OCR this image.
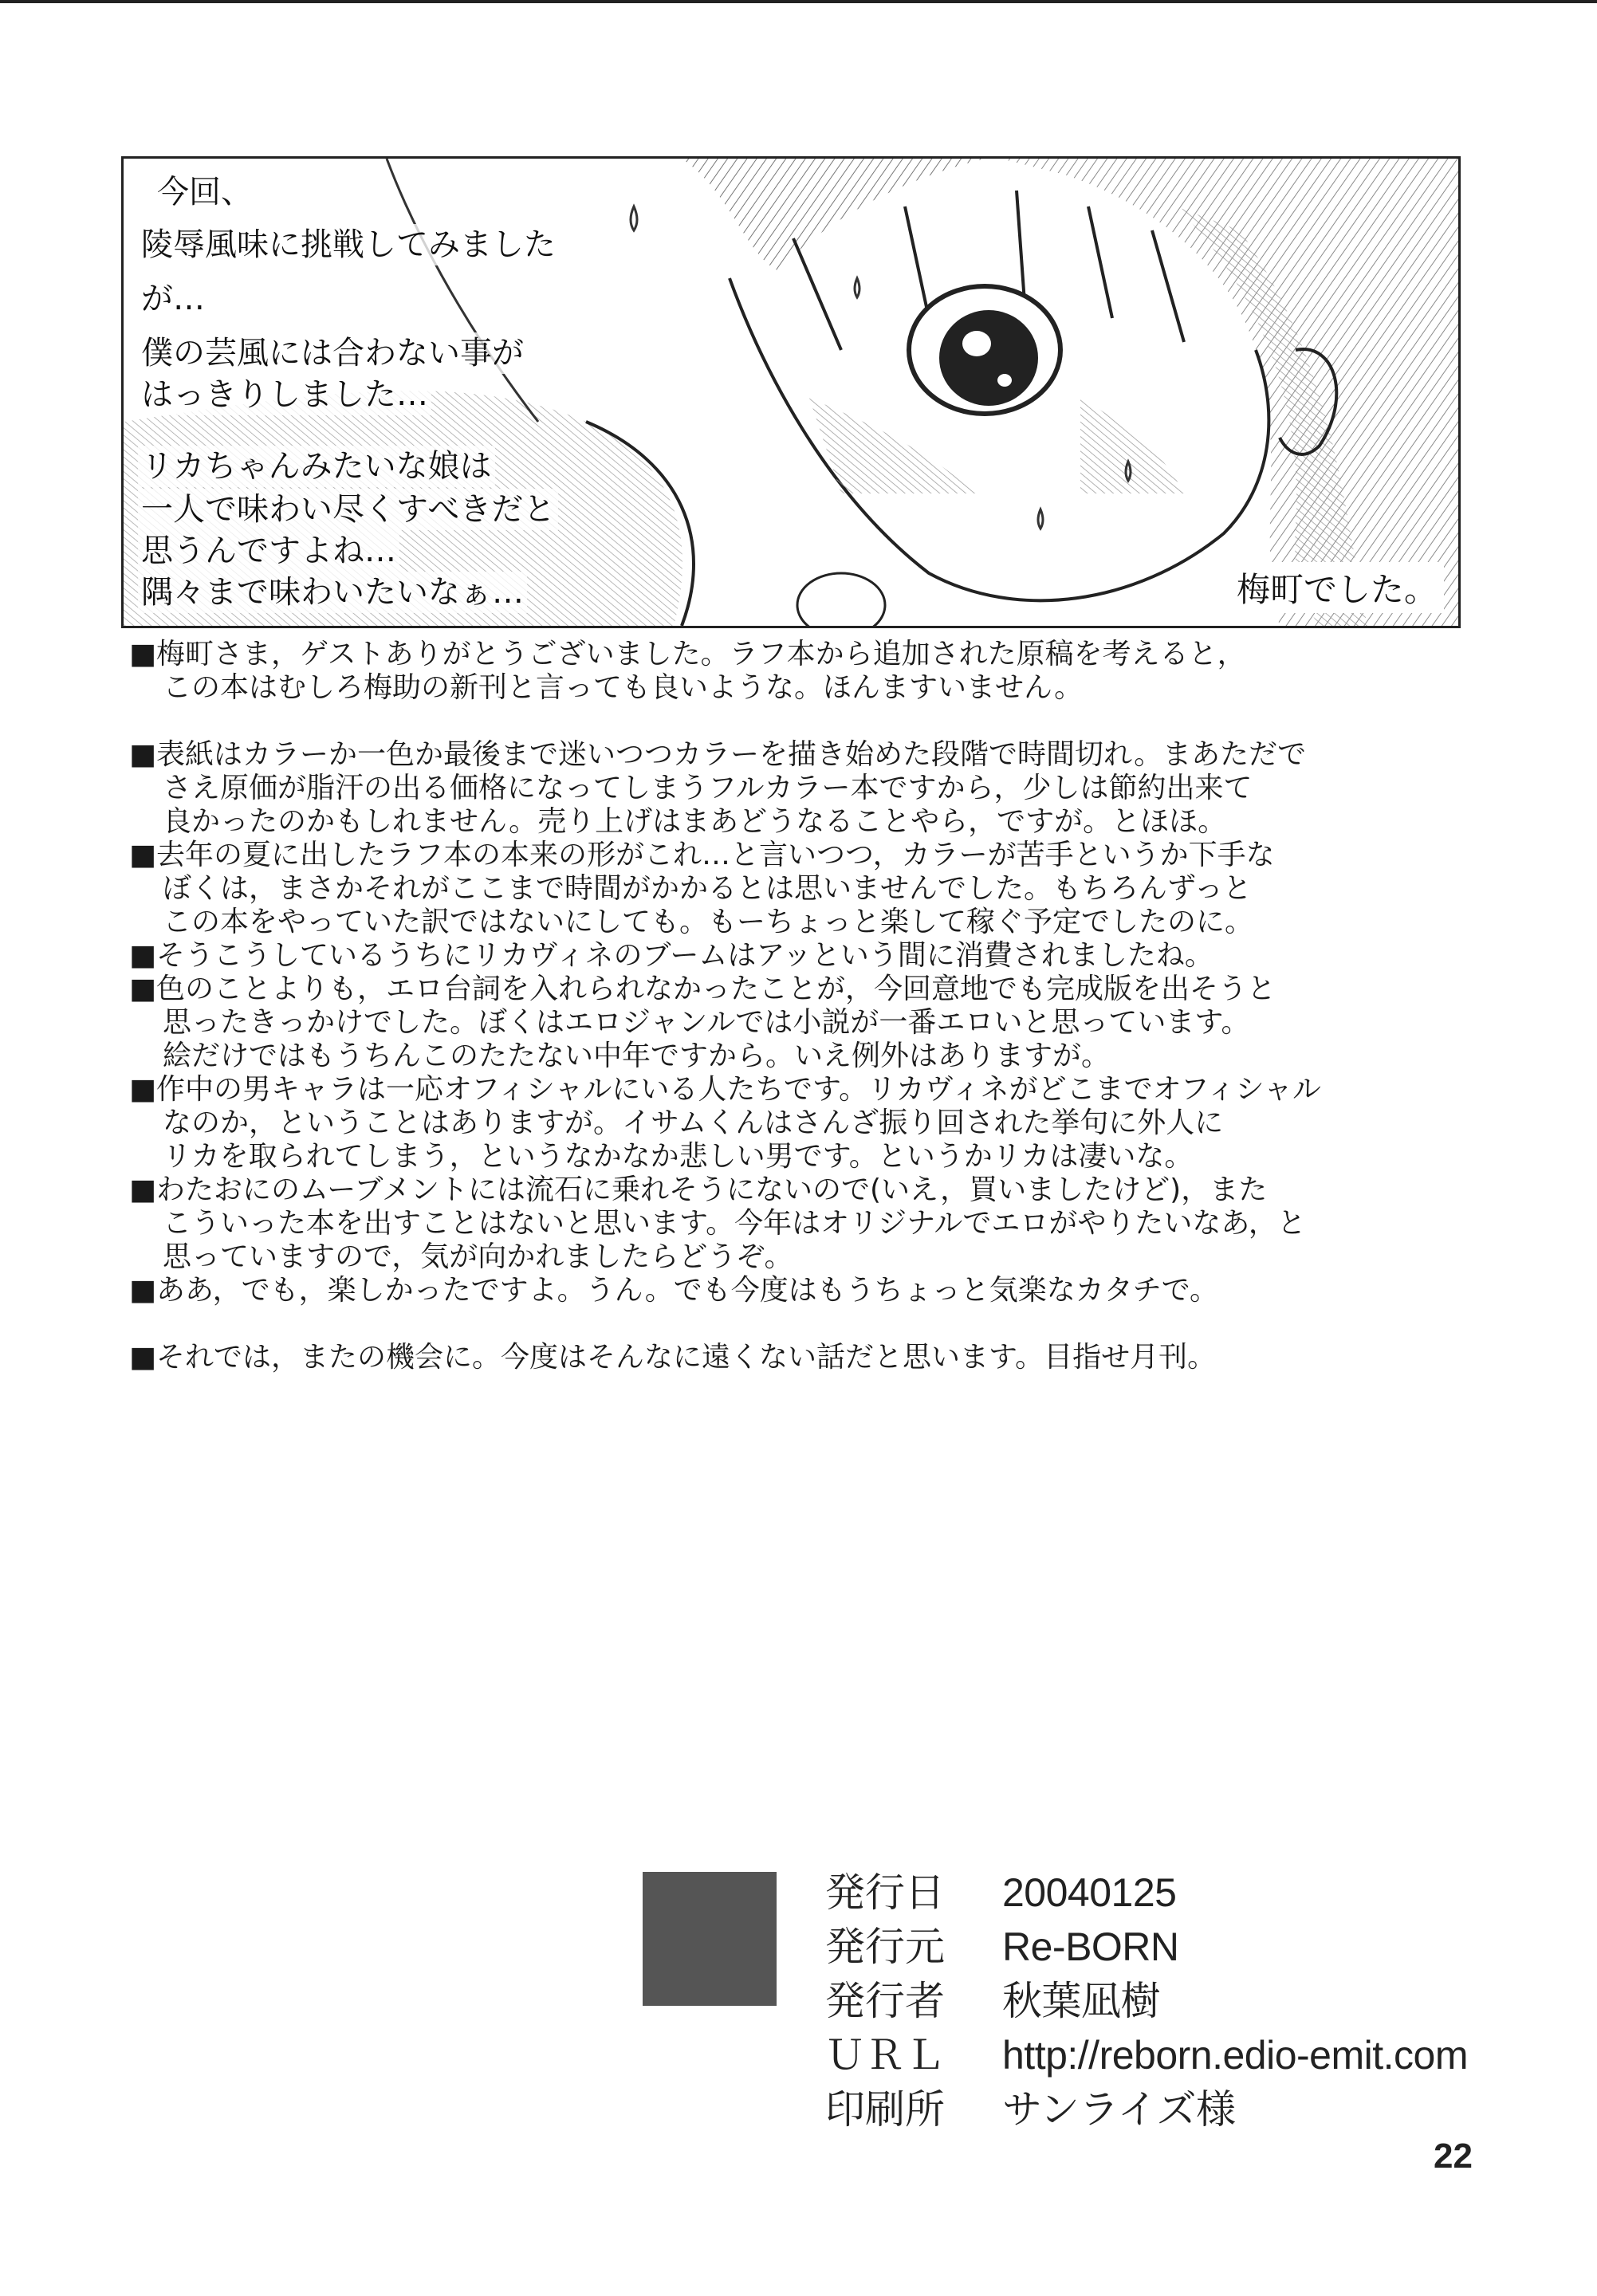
今回、
陵辱風味に挑戦してみました
が…
僕の芸風には合わない事が
はっきりしました…
リカちゃんみたいな娘は
一人で味わい尽くすべきだと
思うんですよね…
隅々まで味わいたいなぁ…	梅町でした。
■梅町さま，ゲストありがとうございました。ラフ本から追加された原稿を考えると，
この本はむしろ梅助の新刊と言っても良いような。ほんますいません。
■表紙はカラーか一色か最後まで迷いつつカラーを描き始めた段階で時間切れ。まあただで
さえ原価が脂汗の出る価格になってしまうフルカラー本ですから，少しは節約出来て
良かったのかもしれません。売り上げはまあどうなることやら，ですが。とほほ。
■去年の夏に出したラフ本の本来の形がこれ…と言いつつ，カラーが苦手というか下手な
ぼくは，まさかそれがここまで時間がかかるとは思いませんでした。もちろんずっと
この本をやっていた訳ではないにしても。もーちょっと楽して稼ぐ予定でしたのに。
■そうこうしているうちにリカヴィネのブームはアッという間に消費されましたね。
■色のことよりも，エロ台詞を入れられなかったことが，今回意地でも完成版を出そうと
思ったきっかけでした。ぼくはエロジャンルでは小説が一番エロいと思っています。
絵だけではもうちんこのたたない中年ですから。いえ例外はありますが。
■作中の男キャラは一応オフィシャルにいる人たちです。リカヴィネがどこまでオフィシャル
なのか，ということはありますが。イサムくんはさんざ振り回された挙句に外人に
リカを取られてしまう，というなかなか悲しい男です。というかリカは凄いな。
■わたおにのムーブメントには流石に乗れそうにないので(いえ，買いましたけど)，また
こういった本を出すことはないと思います。今年はオリジナルでエロがやりたいなあ，と
思っていますので，気が向かれましたらどうぞ。
■ああ，でも，楽しかったですよ。うん。でも今度はもうちょっと気楽なカタチで。
■それでは，またの機会に。今度はそんなに遠くない話だと思います。目指せ月刊。
発行日 20040125
発行元 Re-BORN
発行者 秋葉凪樹
ＵＲＬ http://reborn.edio-emit.com
印刷所 サンライズ様
22
